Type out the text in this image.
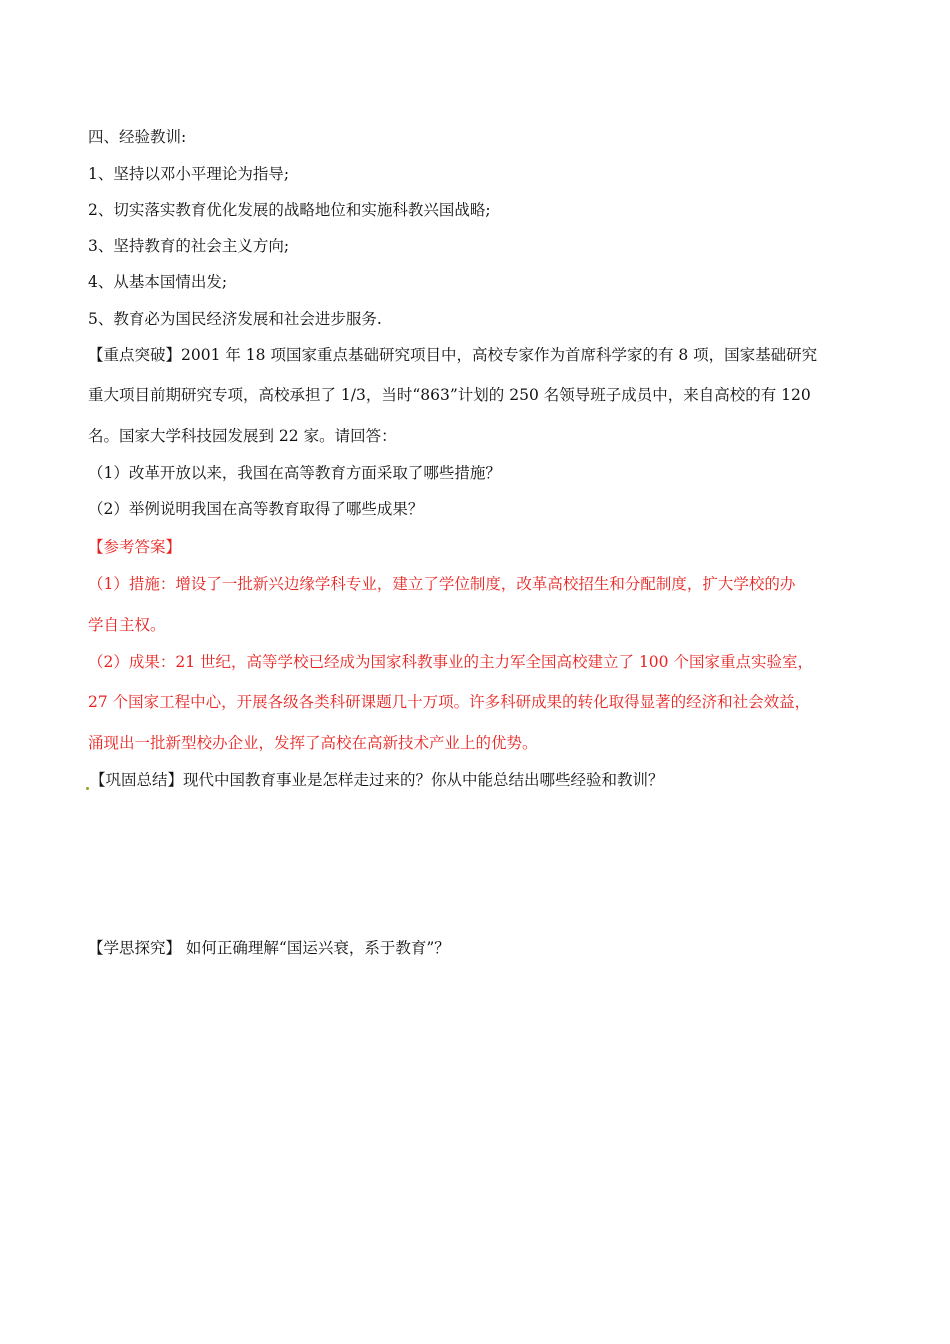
四、经验教训:
1、坚持以邓小平理论为指导;
2、切实落实教育优化发展的战略地位和实施科教兴国战略;
3、坚持教育的社会主义方向;
4、从基本国情出发;
5、教育必为国民经济发展和社会进步服务.
【重点突破】2001 年 18 项国家重点基础研究项目中，高校专家作为首席科学家的有 8 项，国家基础研究
重大项目前期研究专项，高校承担了 1/3，当时“863”计划的 250 名领导班子成员中，来自高校的有 120
名。国家大学科技园发展到 22 家。请回答：
（1）改革开放以来，我国在高等教育方面采取了哪些措施？
（2）举例说明我国在高等教育取得了哪些成果？
【参考答案】
（1）措施：增设了一批新兴边缘学科专业，建立了学位制度，改革高校招生和分配制度，扩大学校的办
学自主权。
（2）成果：21 世纪，高等学校已经成为国家科教事业的主力军全国高校建立了 100 个国家重点实验室，
27 个国家工程中心，开展各级各类科研课题几十万项。许多科研成果的转化取得显著的经济和社会效益，
涌现出一批新型校办企业，发挥了高校在高新技术产业上的优势。
【巩固总结】现代中国教育事业是怎样走过来的？你从中能总结出哪些经验和教训？
【学思探究】 如何正确理解“国运兴衰，系于教育”？
